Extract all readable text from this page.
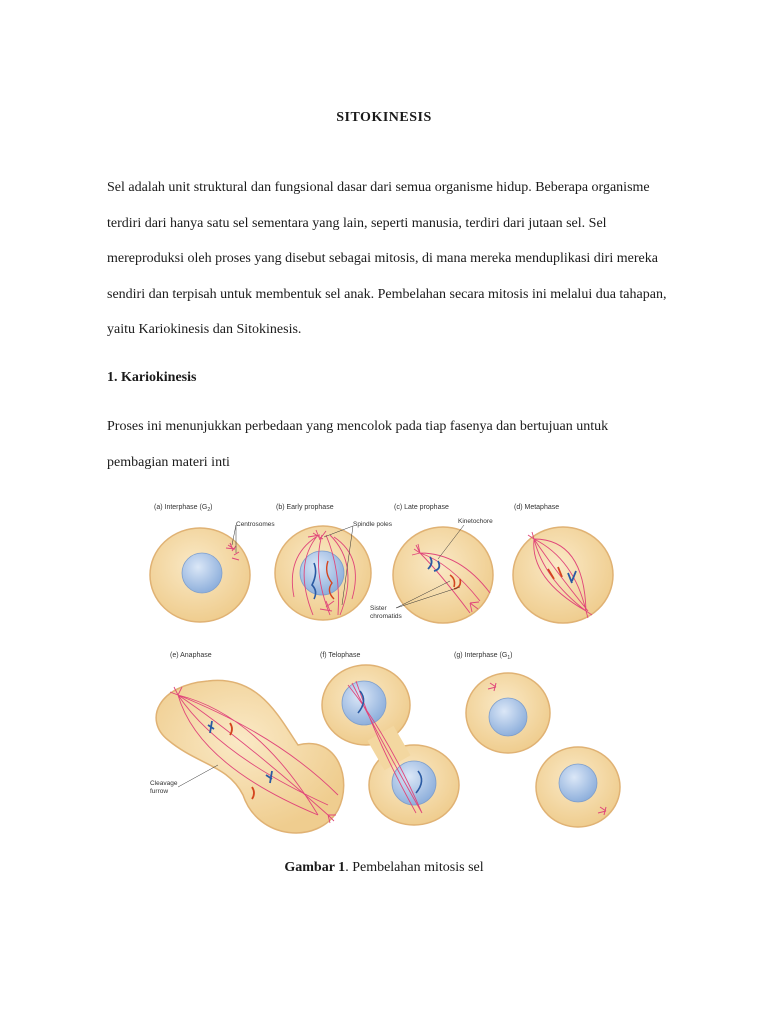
SITOKINESIS

Sel adalah unit struktural dan fungsional dasar dari semua organisme hidup. Beberapa organisme terdiri dari hanya satu sel sementara yang lain, seperti manusia, terdiri dari jutaan sel. Sel mereproduksi oleh proses yang disebut sebagai mitosis, di mana mereka menduplikasi diri mereka sendiri dan terpisah untuk membentuk sel anak. Pembelahan secara mitosis ini melalui dua tahapan, yaitu Kariokinesis dan Sitokinesis.

1. Kariokinesis

Proses ini menunjukkan perbedaan yang mencolok pada tiap fasenya dan bertujuan untuk pembagian materi inti

(a) Interphase $(G_2)$	(b) Early prophase	(c) Late prophase	(d) Metaphase
(e) Anaphase	(f) Telophase	(g) Interphase $(G_1)$
Centrosomes	Spindle poles	Kinetochore
Sister
chromatids
Cleavage
furrow
Gambar 1. Pembelahan mitosis sel
